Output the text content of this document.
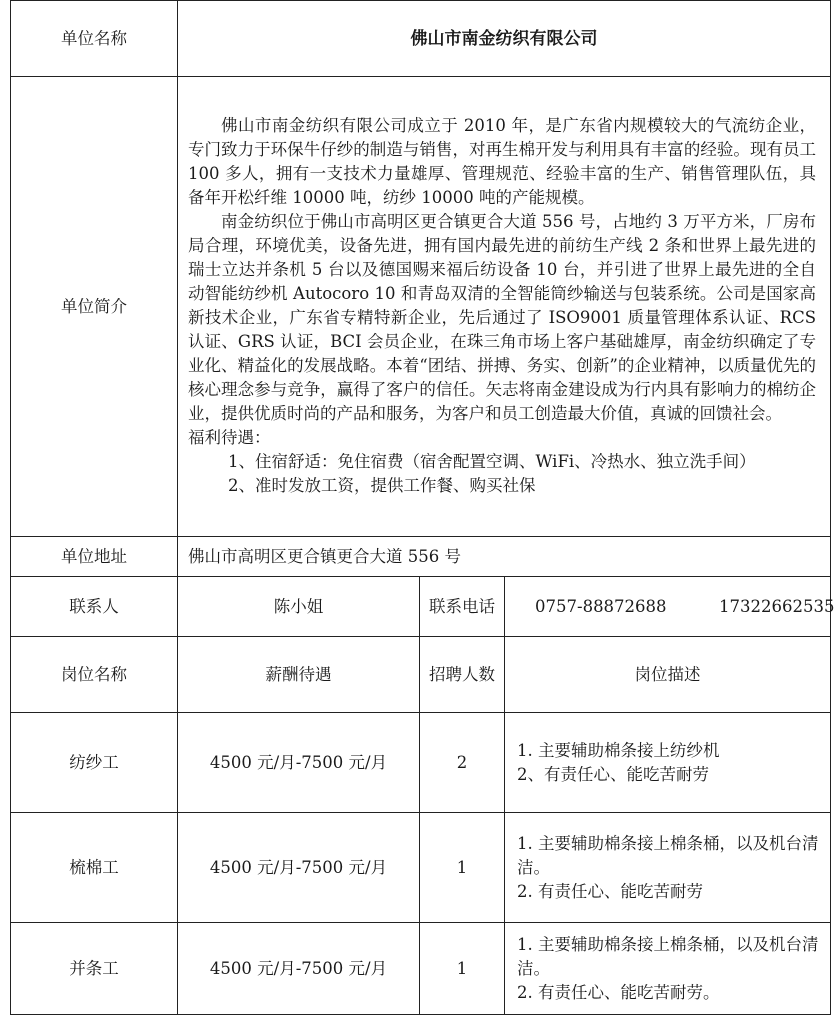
单位名称	佛山市南金纺织有限公司		
单位简介	佛山市南金纺织有限公司成立于 2010 年，是广东省内规模较大的气流纺企业，专门致力于环保牛仔纱的制造与销售，对再生棉开发与利用具有丰富的经验。现有员工 100 多人，拥有一支技术力量雄厚、管理规范、经验丰富的生产、销售管理队伍，具备年开松纤维 10000 吨，纺纱 10000 吨的产能规模。

南金纺织位于佛山市高明区更合镇更合大道 556 号，占地约 3 万平方米，厂房布局合理，环境优美，设备先进，拥有国内最先进的前纺生产线 2 条和世界上最先进的瑞士立达并条机 5 台以及德国赐来福后纺设备 10 台，并引进了世界上最先进的全自动智能纺纱机 Autocoro 10 和青岛双清的全智能筒纱输送与包装系统。公司是国家高新技术企业，广东省专精特新企业，先后通过了 ISO9001 质量管理体系认证、RCS 认证、GRS 认证，BCI 会员企业，在珠三角市场上客户基础雄厚，南金纺织确定了专业化、精益化的发展战略。本着“团结、拼搏、务实、创新”的企业精神，以质量优先的核心理念参与竞争，赢得了客户的信任。矢志将南金建设成为行内具有影响力的棉纺企业，提供优质时尚的产品和服务，为客户和员工创造最大价值，真诚的回馈社会。

福利待遇：

1、住宿舒适：免住宿费（宿舍配置空调、WiFi、冷热水、独立洗手间）

2、准时发放工资，提供工作餐、购买社保		

单位地址	佛山市高明区更合镇更合大道 556 号		
联系人	陈小姐	联系电话	0757-88872688 17322662535
岗位名称	薪酬待遇	招聘人数	岗位描述
纺纱工	4500 元/月-7500 元/月	2	1. 主要辅助棉条接上纺纱机
2、有责任心、能吃苦耐劳

梳棉工	4500 元/月-7500 元/月	1	1. 主要辅助棉条接上棉条桶，以及机台清洁。
2. 有责任心、能吃苦耐劳

并条工	4500 元/月-7500 元/月	1	1. 主要辅助棉条接上棉条桶，以及机台清洁。
2. 有责任心、能吃苦耐劳。
